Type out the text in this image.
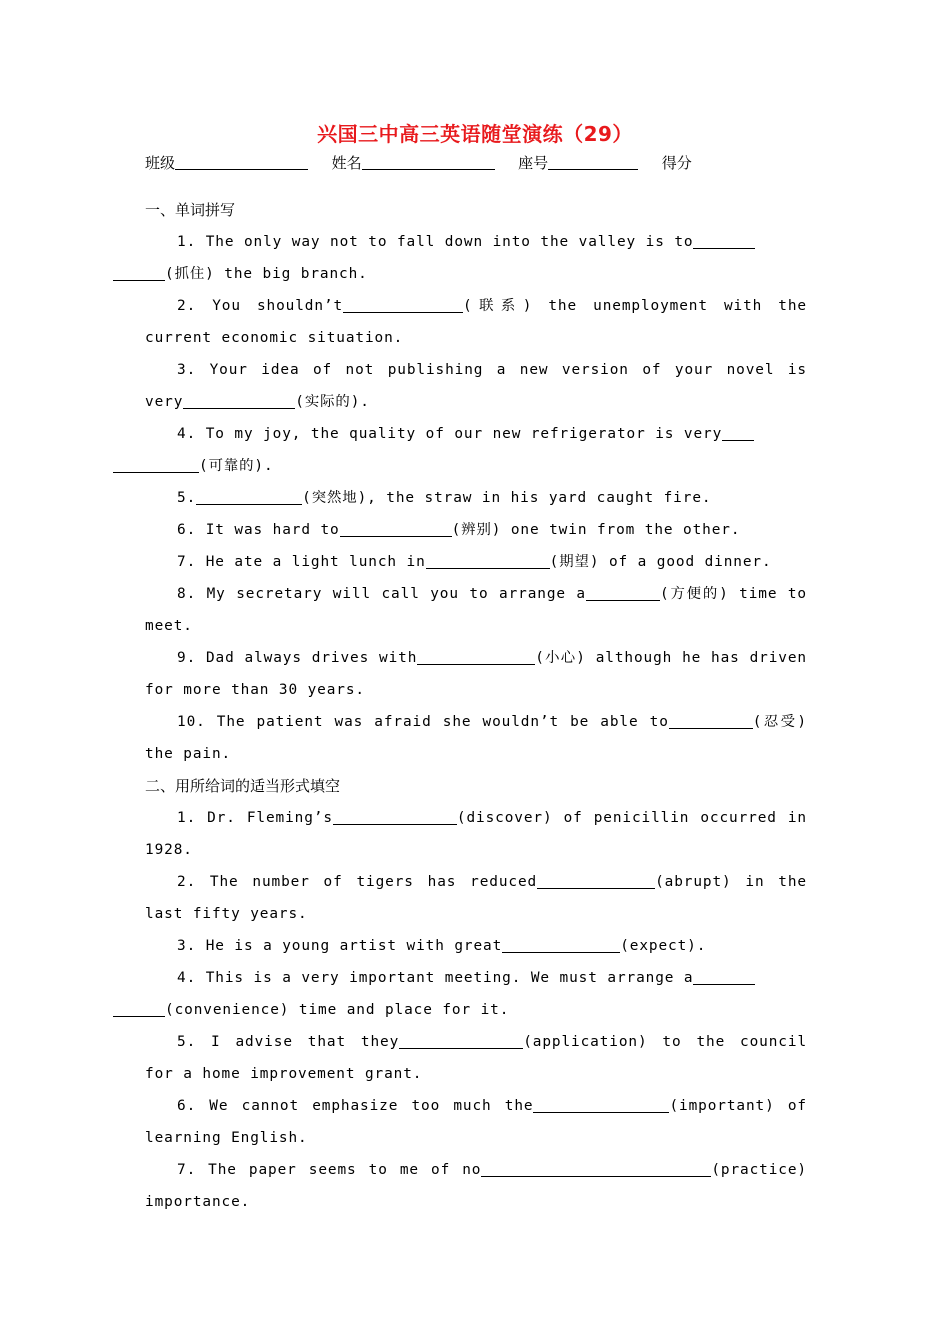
兴国三中高三英语随堂演练（29）
班级	姓名	座号	得分
一、单词拼写
1. The only way not to fall down into the valley is to
(抓住) the big branch.
2. You shouldn’t	(联系) the unemployment with the current economic situation.
3. Your idea of not publishing a new version of your novel is very	(实际的).
4. To my joy, the quality of our new refrigerator is very
(可靠的).
5.	(突然地), the straw in his yard caught fire.
6. It was hard to	(辨别) one twin from the other.
7. He ate a light lunch in	(期望) of a good dinner.
8. My secretary will call you to arrange a	(方便的) time to meet.
9. Dad always drives with	(小心) although he has driven for more than 30 years.
10. The patient was afraid she wouldn’t be able to	(忍受) the pain.
二、用所给词的适当形式填空
1. Dr. Fleming’s	(discover) of penicillin occurred in 1928.
2. The number of tigers has reduced	(abrupt) in the last fifty years.
3. He is a young artist with great	(expect).
4. This is a very important meeting. We must arrange a
(convenience) time and place for it.
5. I advise that they	(application) to the council for a home improvement grant.
6. We cannot emphasize too much the	(important) of learning English.
7. The paper seems to me of no	(practice) importance.
